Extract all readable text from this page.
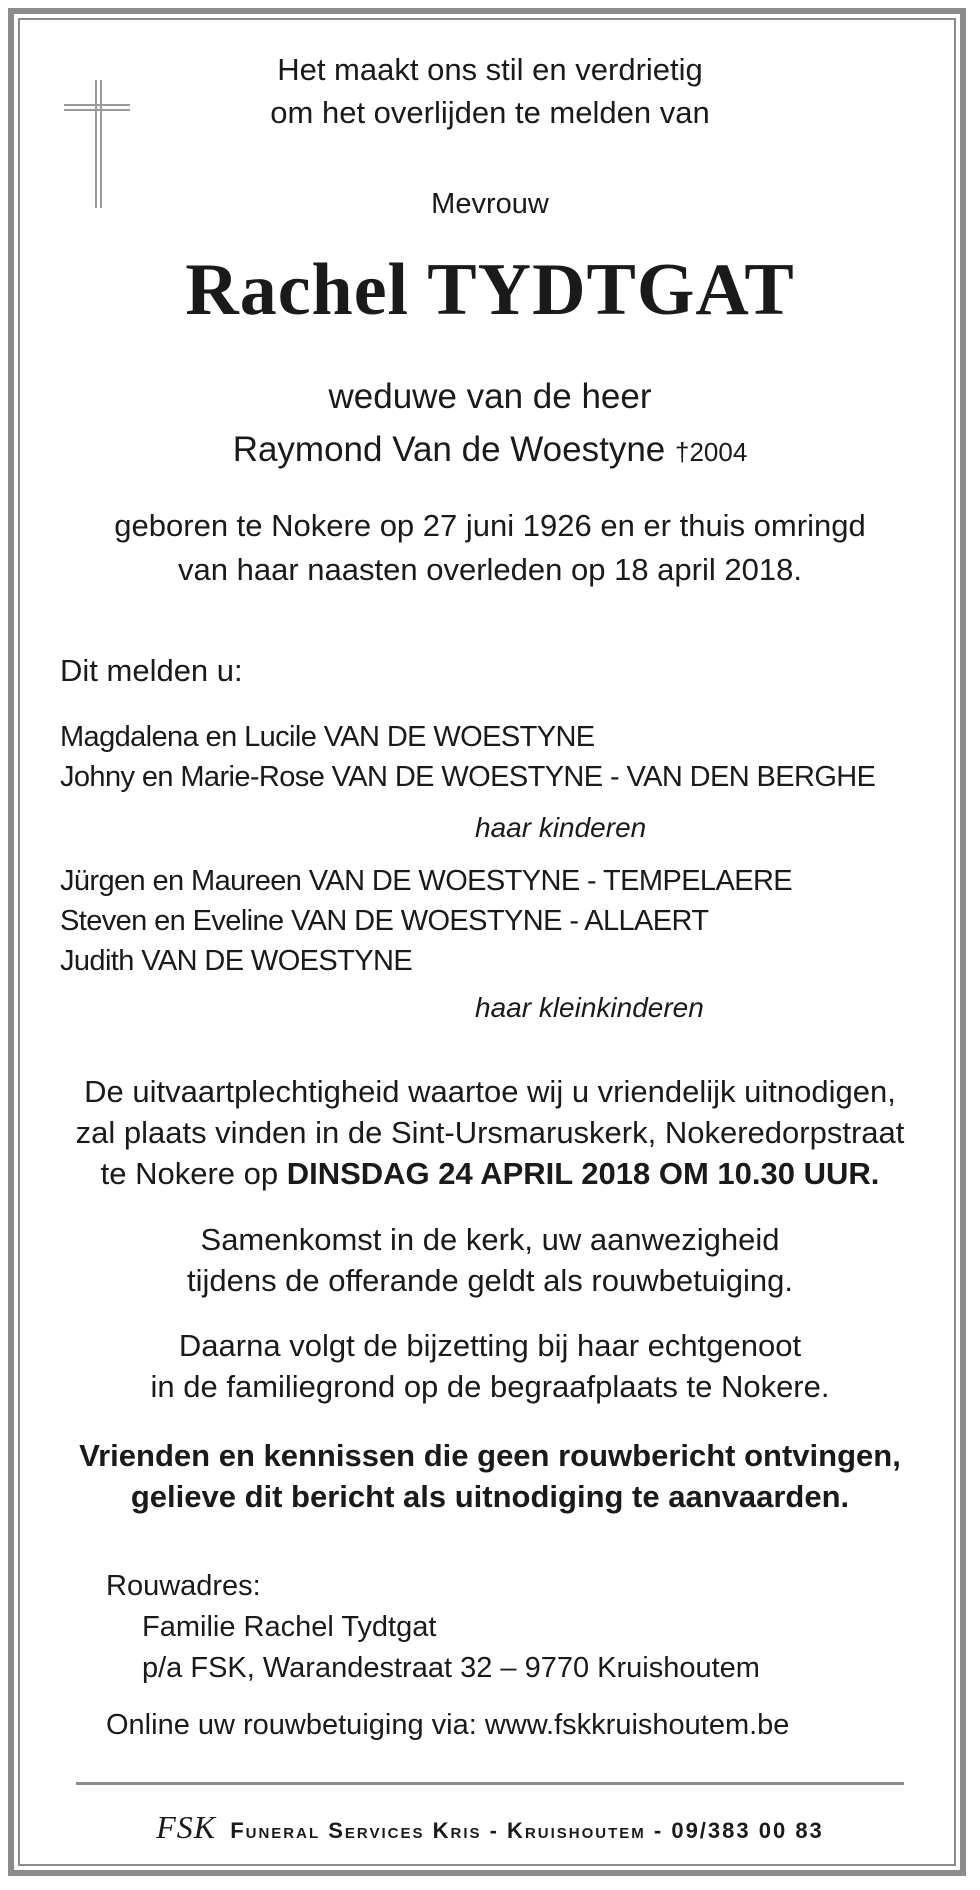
Het maakt ons stil en verdrietig
om het overlijden te melden van
Mevrouw
Rachel TYDTGAT
weduwe van de heer
Raymond Van de Woestyne †2004
geboren te Nokere op 27 juni 1926 en er thuis omringd
van haar naasten overleden op 18 april 2018.
Dit melden u:
Magdalena en Lucile VAN DE WOESTYNE
Johny en Marie-Rose VAN DE WOESTYNE - VAN DEN BERGHE
haar kinderen
Jürgen en Maureen VAN DE WOESTYNE - TEMPELAERE
Steven en Eveline VAN DE WOESTYNE - ALLAERT
Judith VAN DE WOESTYNE
haar kleinkinderen
De uitvaartplechtigheid waartoe wij u vriendelijk uitnodigen,
zal plaats vinden in de Sint-Ursmaruskerk, Nokeredorpstraat
te Nokere op DINSDAG 24 APRIL 2018 OM 10.30 UUR.
Samenkomst in de kerk, uw aanwezigheid
tijdens de offerande geldt als rouwbetuiging.
Daarna volgt de bijzetting bij haar echtgenoot
in de familiegrond op de begraafplaats te Nokere.
Vrienden en kennissen die geen rouwbericht ontvingen,
gelieve dit bericht als uitnodiging te aanvaarden.
Rouwadres:
Familie Rachel Tydtgat
p/a FSK, Warandestraat 32 – 9770 Kruishoutem
Online uw rouwbetuiging via: www.fskkruishoutem.be
FSK Funeral Services Kris - Kruishoutem - 09/383 00 83
